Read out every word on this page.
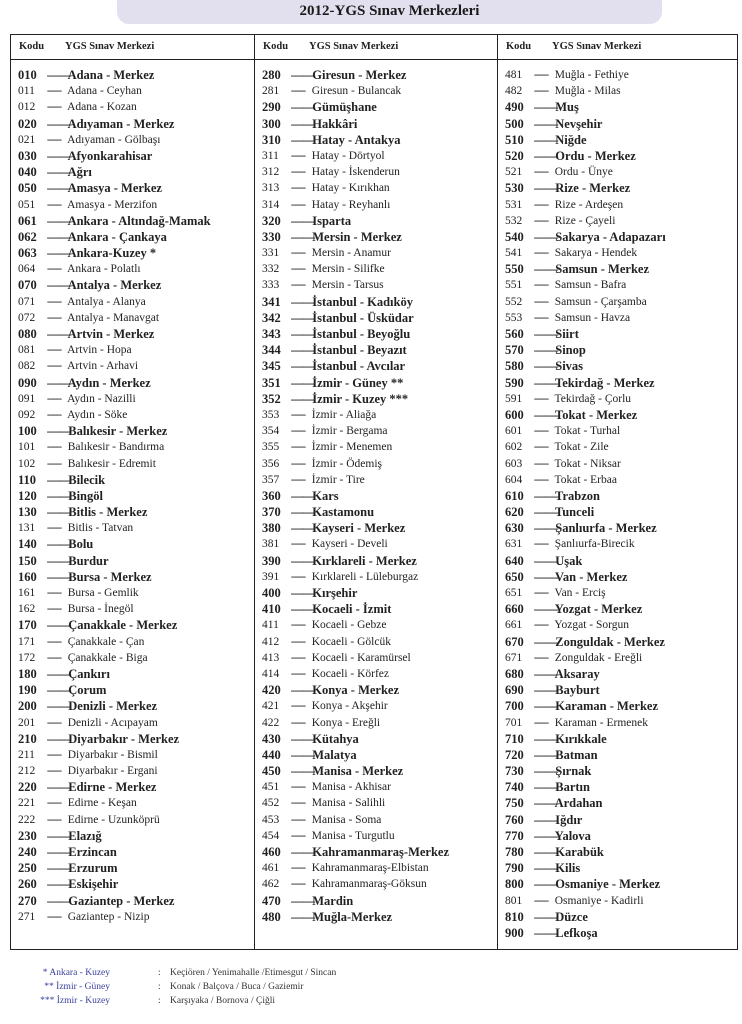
2012-YGS Sınav Merkezleri
Kodu YGS Sınav Merkezi
010 —— Adana - Merkez
011 ----- Adana - Ceyhan
012 ----- Adana - Kozan
020 —— Adıyaman - Merkez
021 ----- Adıyaman - Gölbaşı
030 —— Afyonkarahisar
040 —— Ağrı
050 —— Amasya - Merkez
051 ----- Amasya - Merzifon
061 —— Ankara - Altındağ-Mamak
062 —— Ankara - Çankaya
063 —— Ankara-Kuzey *
064 ----- Ankara - Polatlı
070 —— Antalya - Merkez
071 ----- Antalya - Alanya
072 ----- Antalya - Manavgat
080 —— Artvin - Merkez
081 ----- Artvin - Hopa
082 ----- Artvin - Arhavi
090 —— Aydın - Merkez
091 ----- Aydın - Nazilli
092 ----- Aydın - Söke
100 —— Balıkesir - Merkez
101 ----- Balıkesir - Bandırma
102 ----- Balıkesir - Edremit
110 —— Bilecik
120 —— Bingöl
130 —— Bitlis - Merkez
131 ----- Bitlis - Tatvan
140 —— Bolu
150 —— Burdur
160 —— Bursa - Merkez
161 ----- Bursa - Gemlik
162 ----- Bursa - İnegöl
170 —— Çanakkale - Merkez
171 ----- Çanakkale - Çan
172 ----- Çanakkale - Biga
180 —— Çankırı
190 —— Çorum
200 —— Denizli - Merkez
201 ----- Denizli - Acıpayam
210 —— Diyarbakır - Merkez
211 ----- Diyarbakır - Bismil
212 ----- Diyarbakır - Ergani
220 —— Edirne - Merkez
221 ----- Edirne - Keşan
222 ----- Edirne - Uzunköprü
230 —— Elazığ
240 —— Erzincan
250 —— Erzurum
260 —— Eskişehir
270 —— Gaziantep - Merkez
271 ----- Gaziantep - Nizip
Kodu YGS Sınav Merkezi
280 —— Giresun - Merkez
281 ----- Giresun - Bulancak
290 —— Gümüşhane
300 —— Hakkâri
310 —— Hatay - Antakya
311 ----- Hatay - Dörtyol
312 ----- Hatay - İskenderun
313 ----- Hatay - Kırıkhan
314 ----- Hatay - Reyhanlı
320 —— Isparta
330 —— Mersin - Merkez
331 ----- Mersin - Anamur
332 ----- Mersin - Silifke
333 ----- Mersin - Tarsus
341 —— İstanbul - Kadıköy
342 —— İstanbul - Üsküdar
343 —— İstanbul - Beyoğlu
344 —— İstanbul - Beyazıt
345 —— İstanbul - Avcılar
351 —— İzmir - Güney **
352 —— İzmir - Kuzey ***
353 ----- İzmir - Aliağa
354 ----- İzmir - Bergama
355 ----- İzmir - Menemen
356 ----- İzmir - Ödemiş
357 ----- İzmir - Tire
360 —— Kars
370 —— Kastamonu
380 —— Kayseri - Merkez
381 ----- Kayseri - Develi
390 —— Kırklareli - Merkez
391 ----- Kırklareli - Lüleburgaz
400 —— Kırşehir
410 —— Kocaeli - İzmit
411 ----- Kocaeli - Gebze
412 ----- Kocaeli - Gölcük
413 ----- Kocaeli - Karamürsel
414 ----- Kocaeli - Körfez
420 —— Konya - Merkez
421 ----- Konya - Akşehir
422 ----- Konya - Ereğli
430 —— Kütahya
440 —— Malatya
450 —— Manisa - Merkez
451 ----- Manisa - Akhisar
452 ----- Manisa - Salihli
453 ----- Manisa - Soma
454 ----- Manisa - Turgutlu
460 —— Kahramanmaraş-Merkez
461 ----- Kahramanmaraş-Elbistan
462 ----- Kahramanmaraş-Göksun
470 —— Mardin
480 —— Muğla-Merkez
Kodu YGS Sınav Merkezi
481 ----- Muğla - Fethiye
482 ----- Muğla - Milas
490 —— Muş
500 —— Nevşehir
510 —— Niğde
520 —— Ordu - Merkez
521 ----- Ordu - Ünye
530 —— Rize - Merkez
531 ----- Rize - Ardeşen
532 ----- Rize - Çayeli
540 —— Sakarya - Adapazarı
541 ----- Sakarya - Hendek
550 —— Samsun - Merkez
551 ----- Samsun - Bafra
552 ----- Samsun - Çarşamba
553 ----- Samsun - Havza
560 —— Siirt
570 —— Sinop
580 —— Sivas
590 —— Tekirdağ - Merkez
591 ----- Tekirdağ - Çorlu
600 —— Tokat - Merkez
601 ----- Tokat - Turhal
602 ----- Tokat - Zile
603 ----- Tokat - Niksar
604 ----- Tokat - Erbaa
610 —— Trabzon
620 —— Tunceli
630 —— Şanlıurfa - Merkez
631 ----- Şanlıurfa-Birecik
640 —— Uşak
650 —— Van - Merkez
651 ----- Van - Erciş
660 —— Yozgat - Merkez
661 ----- Yozgat - Sorgun
670 —— Zonguldak - Merkez
671 ----- Zonguldak - Ereğli
680 —— Aksaray
690 —— Bayburt
700 —— Karaman - Merkez
701 ----- Karaman - Ermenek
710 —— Kırıkkale
720 —— Batman
730 —— Şırnak
740 —— Bartın
750 —— Ardahan
760 —— Iğdır
770 —— Yalova
780 —— Karabük
790 —— Kilis
800 —— Osmaniye - Merkez
801 ----- Osmaniye - Kadirli
810 —— Düzce
900 —— Lefkoşa
* Ankara - Kuzey	: Keçiören / Yenimahalle /Etimesgut / Sincan
** İzmir - Güney	: Konak / Balçova / Buca / Gaziemir
*** İzmir - Kuzey	: Karşıyaka / Bornova / Çiğli
